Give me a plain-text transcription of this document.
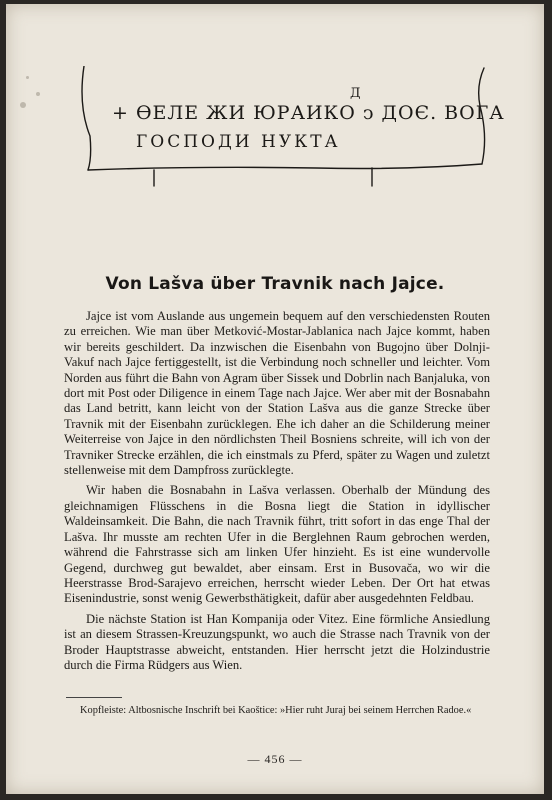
Д
+ ѲЕЛЕ ЖИ ЮРАИКО ↄ ДОЄ. ВОГА
ГОСПОДИ НУКТА
Von Lašva über Travnik nach Jajce.

Jajce ist vom Auslande aus ungemein bequem auf den verschiedensten Routen zu erreichen. Wie man über Metković-Mostar-Jablanica nach Jajce kommt, haben wir bereits geschildert. Da inzwischen die Eisenbahn von Bugojno über Dolnji-Vakuf nach Jajce fertiggestellt, ist die Verbindung noch schneller und leichter. Vom Norden aus führt die Bahn von Agram über Sissek und Dobrlin nach Banjaluka, von dort mit Post oder Diligence in einem Tage nach Jajce. Wer aber mit der Bosnabahn das Land betritt, kann leicht von der Station Lašva aus die ganze Strecke über Travnik mit der Eisenbahn zurücklegen. Ehe ich daher an die Schilderung meiner Weiterreise von Jajce in den nördlichsten Theil Bosniens schreite, will ich von der Travniker Strecke erzählen, die ich einstmals zu Pferd, später zu Wagen und zuletzt stellenweise mit dem Dampfross zurücklegte.

Wir haben die Bosnabahn in Lašva verlassen. Oberhalb der Mündung des gleichnamigen Flüsschens in die Bosna liegt die Station in idyllischer Waldeinsamkeit. Die Bahn, die nach Travnik führt, tritt sofort in das enge Thal der Lašva. Ihr musste am rechten Ufer in die Berglehnen Raum gebrochen werden, während die Fahrstrasse sich am linken Ufer hinzieht. Es ist eine wundervolle Gegend, durchweg gut bewaldet, aber einsam. Erst in Busovača, wo wir die Heerstrasse Brod-Sarajevo erreichen, herrscht wieder Leben. Der Ort hat etwas Eisenindustrie, sonst wenig Gewerbsthätigkeit, dafür aber ausgedehnten Feldbau.

Die nächste Station ist Han Kompanija oder Vitez. Eine förmliche Ansiedlung ist an diesem Strassen-Kreuzungspunkt, wo auch die Strasse nach Travnik von der Broder Hauptstrasse abweicht, entstanden. Hier herrscht jetzt die Holzindustrie durch die Firma Rüdgers aus Wien.

Kopfleiste: Altbosnische Inschrift bei Kaoštice: »Hier ruht Juraj bei seinem Herrchen Radoe.«
— 456 —
